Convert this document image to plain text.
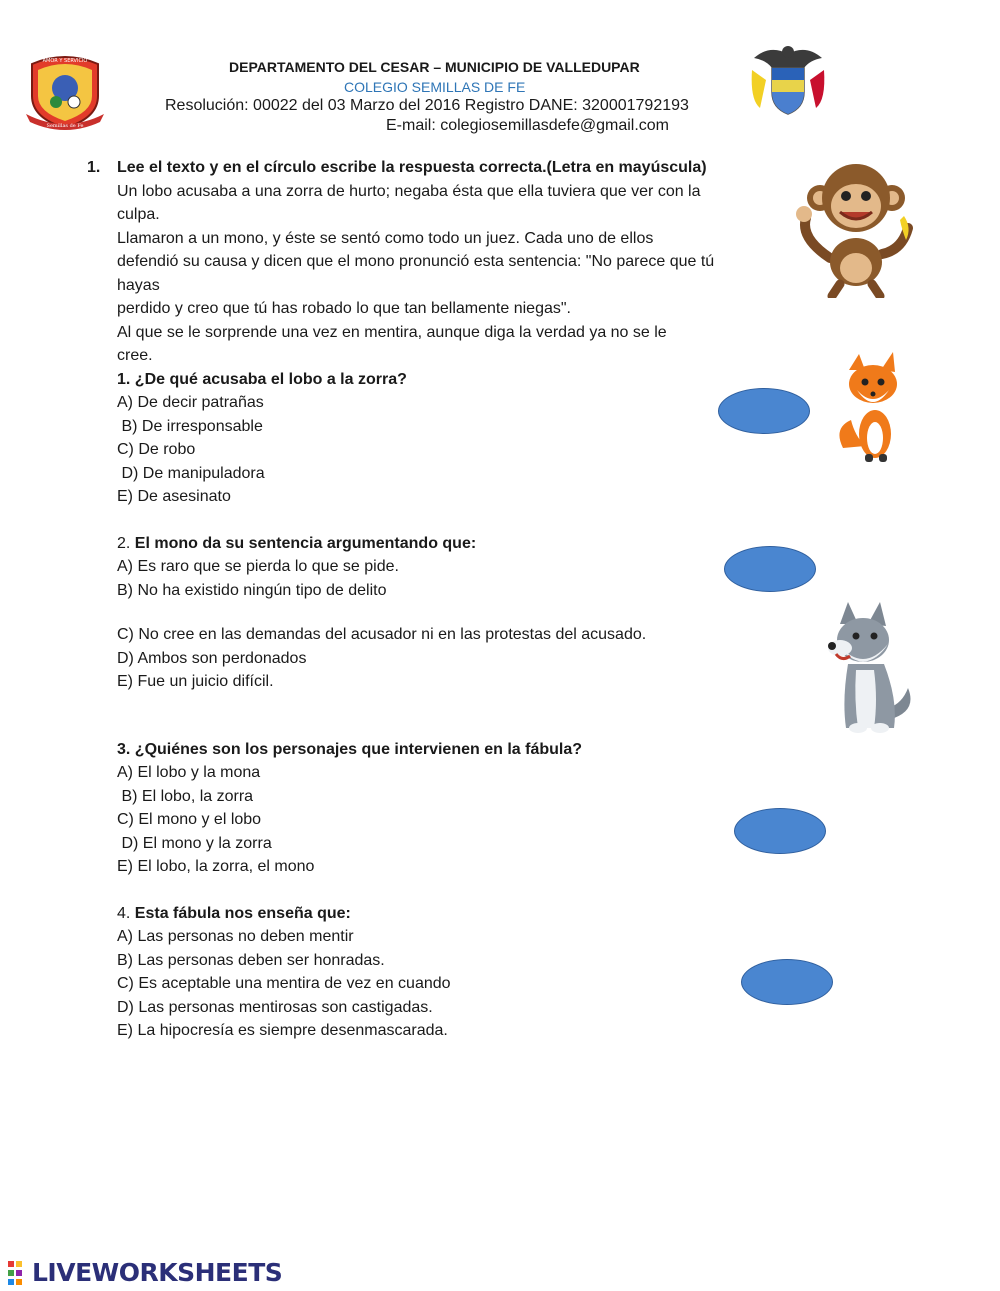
AMOR Y SERVICIO
Semillas de Fe
DEPARTAMENTO DEL CESAR – MUNICIPIO DE VALLEDUPAR
COLEGIO SEMILLAS DE FE
Resolución: 00022 del 03 Marzo del 2016 Registro DANE: 320001792193
E-mail: colegiosemillasdefe@gmail.com
1. Lee el texto y en el círculo escribe la respuesta correcta.(Letra en mayúscula)
Un lobo acusaba a una zorra de hurto; negaba ésta que ella tuviera que ver con la
culpa.
Llamaron a un mono, y éste se sentó como todo un juez. Cada uno de ellos
defendió su causa y dicen que el mono pronunció esta sentencia: "No parece que tú
hayas
perdido y creo que tú has robado lo que tan bellamente niegas".
Al que se le sorprende una vez en mentira, aunque diga la verdad ya no se le
cree.
1. ¿De qué acusaba el lobo a la zorra?
A) De decir patrañas
B) De irresponsable
C) De robo
D) De manipuladora
E) De asesinato
2. El mono da su sentencia argumentando que:
A) Es raro que se pierda lo que se pide.
B) No ha existido ningún tipo de delito
C) No cree en las demandas del acusador ni en las protestas del acusado.
D) Ambos son perdonados
E) Fue un juicio difícil.
3. ¿Quiénes son los personajes que intervienen en la fábula?
A) El lobo y la mona
B) El lobo, la zorra
C) El mono y el lobo
D) El mono y la zorra
E) El lobo, la zorra, el mono
4. Esta fábula nos enseña que:
A) Las personas no deben mentir
B) Las personas deben ser honradas.
C) Es aceptable una mentira de vez en cuando
D) Las personas mentirosas son castigadas.
E) La hipocresía es siempre desenmascarada.
LIVEWORKSHEETS
